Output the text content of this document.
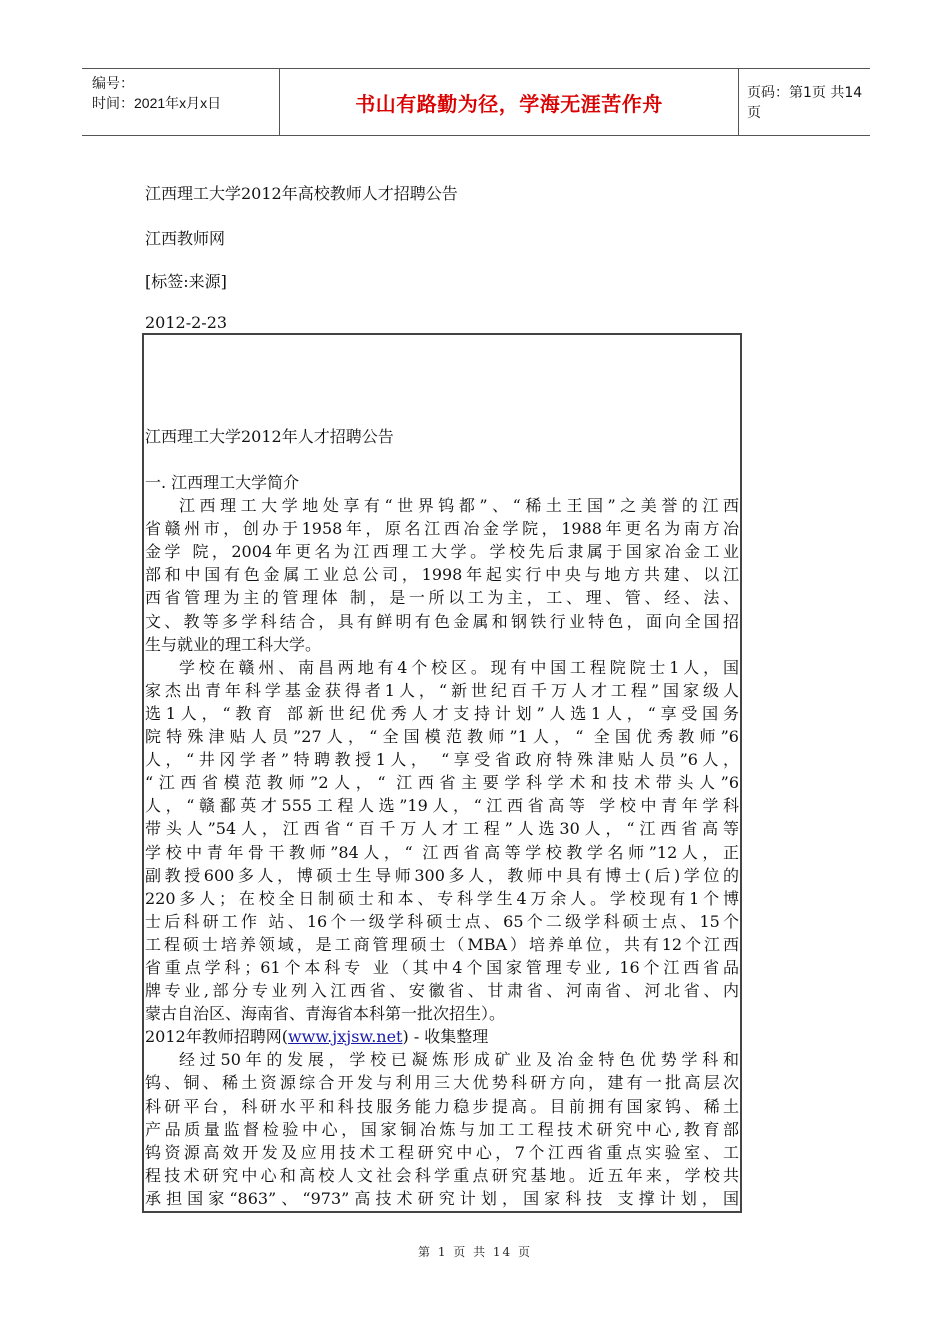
编号：
时间：2021年x月x日	书山有路勤为径，学海无涯苦作舟	页码：第1页 共14页
江西理工大学2012年高校教师人才招聘公告
江西教师网
[标签:来源]
2012-2-23

江西理工大学2012年人才招聘公告

一. 江西理工大学简介

江西理工大学地处享有“世界钨都”、“稀土王国”之美誉的江西

省赣州市，创办于1958年，原名江西冶金学院，1988年更名为南方冶

金学 院，2004年更名为江西理工大学。学校先后隶属于国家冶金工业

部和中国有色金属工业总公司，1998年起实行中央与地方共建、以江

西省管理为主的管理体 制，是一所以工为主，工、理、管、经、法、

文、教等多学科结合，具有鲜明有色金属和钢铁行业特色，面向全国招

生与就业的理工科大学。

学校在赣州、南昌两地有4个校区。现有中国工程院院士1人，国

家杰出青年科学基金获得者1人，“新世纪百千万人才工程”国家级人

选1人，“教育 部新世纪优秀人才支持计划”人选1人，“享受国务

院特殊津贴人员”27人，“全国模范教师”1人，“ 全国优秀教师”6

人，“井冈学者”特聘教授1人， “享受省政府特殊津贴人员”6人，

“江西省模范教师”2人，“ 江西省主要学科学术和技术带头人”6

人，“赣鄱英才555工程人选”19人，“江西省高等 学校中青年学科

带头人”54人，江西省“百千万人才工程”人选30人，“江西省高等

学校中青年骨干教师”84人，“ 江西省高等学校教学名师”12人，正

副教授600多人，博硕士生导师300多人，教师中具有博士(后)学位的

220多人；在校全日制硕士和本、专科学生4万余人。学校现有1个博

士后科研工作 站、16个一级学科硕士点、65个二级学科硕士点、15个

工程硕士培养领域，是工商管理硕士（MBA）培养单位，共有12个江西

省重点学科；61个本科专 业（其中4个国家管理专业, 16个江西省品

牌专业,部分专业列入江西省、安徽省、甘肃省、河南省、河北省、内

蒙古自治区、海南省、青海省本科第一批次招生）。

2012年教师招聘网(www.jxjsw.net) - 收集整理

经过50年的发展，学校已凝炼形成矿业及冶金特色优势学科和

钨、铜、稀土资源综合开发与利用三大优势科研方向，建有一批高层次

科研平台，科研水平和科技服务能力稳步提高。目前拥有国家钨、稀土

产品质量监督检验中心，国家铜冶炼与加工工程技术研究中心,教育部

钨资源高效开发及应用技术工程研究中心，7个江西省重点实验室、工

程技术研究中心和高校人文社会科学重点研究基地。近五年来，学校共

承担国家“863”、“973”高技术研究计划，国家科技 支撑计划，国

第 1 页 共 14 页
